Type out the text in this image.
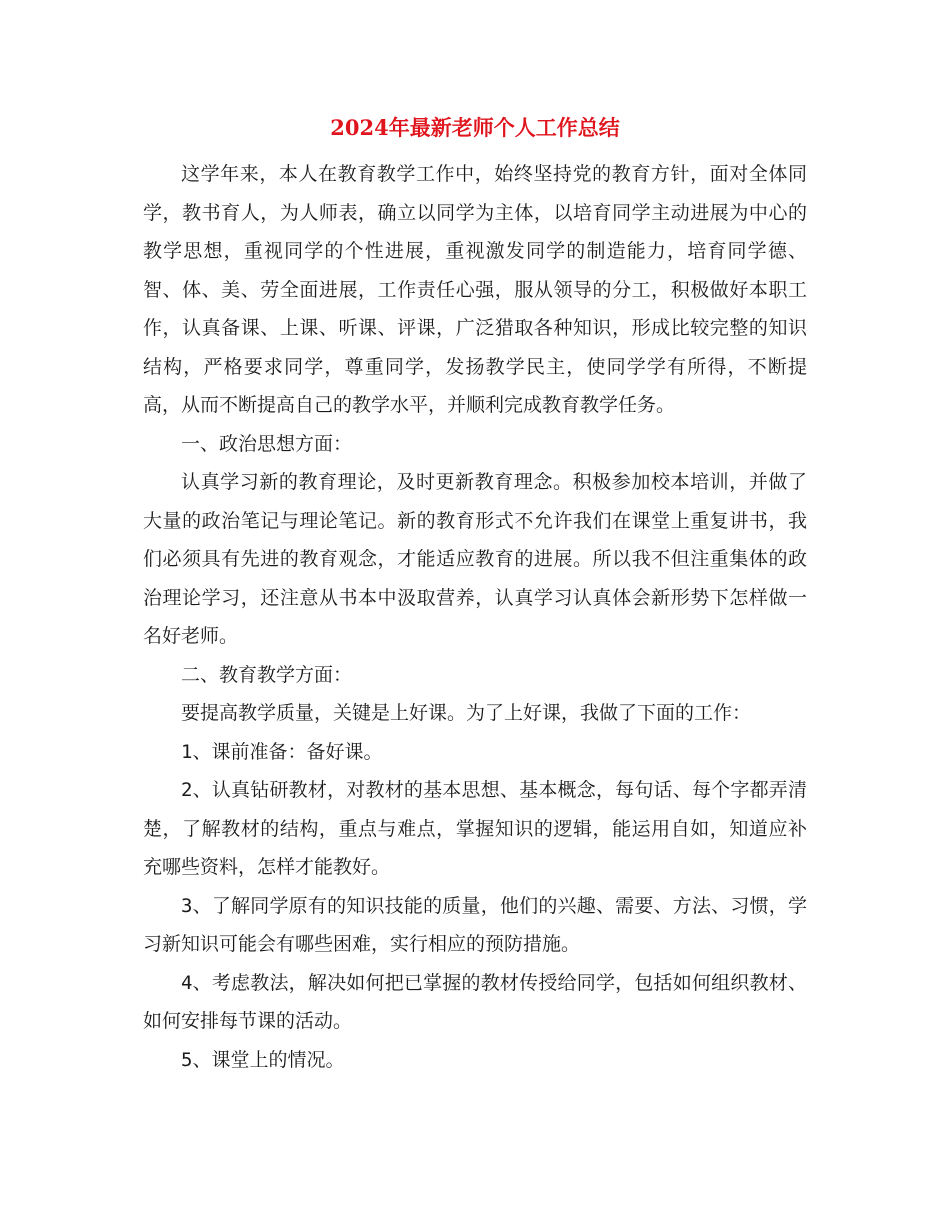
2024年最新老师个人工作总结

这学年来，本人在教育教学工作中，始终坚持党的教育方针，面对全体同学，教书育人，为人师表，确立以同学为主体，以培育同学主动进展为中心的教学思想，重视同学的个性进展，重视激发同学的制造能力，培育同学德、智、体、美、劳全面进展，工作责任心强，服从领导的分工，积极做好本职工作，认真备课、上课、听课、评课，广泛猎取各种知识，形成比较完整的知识结构，严格要求同学，尊重同学，发扬教学民主，使同学学有所得，不断提高，从而不断提高自己的教学水平，并顺利完成教育教学任务。

一、政治思想方面：

认真学习新的教育理论，及时更新教育理念。积极参加校本培训，并做了大量的政治笔记与理论笔记。新的教育形式不允许我们在课堂上重复讲书，我们必须具有先进的教育观念，才能适应教育的进展。所以我不但注重集体的政治理论学习，还注意从书本中汲取营养，认真学习认真体会新形势下怎样做一名好老师。

二、教育教学方面：

要提高教学质量，关键是上好课。为了上好课，我做了下面的工作：

1、课前准备：备好课。

2、认真钻研教材，对教材的基本思想、基本概念，每句话、每个字都弄清楚，了解教材的结构，重点与难点，掌握知识的逻辑，能运用自如，知道应补充哪些资料，怎样才能教好。

3、了解同学原有的知识技能的质量，他们的兴趣、需要、方法、习惯，学习新知识可能会有哪些困难，实行相应的预防措施。

4、考虑教法，解决如何把已掌握的教材传授给同学，包括如何组织教材、如何安排每节课的活动。

5、课堂上的情况。
